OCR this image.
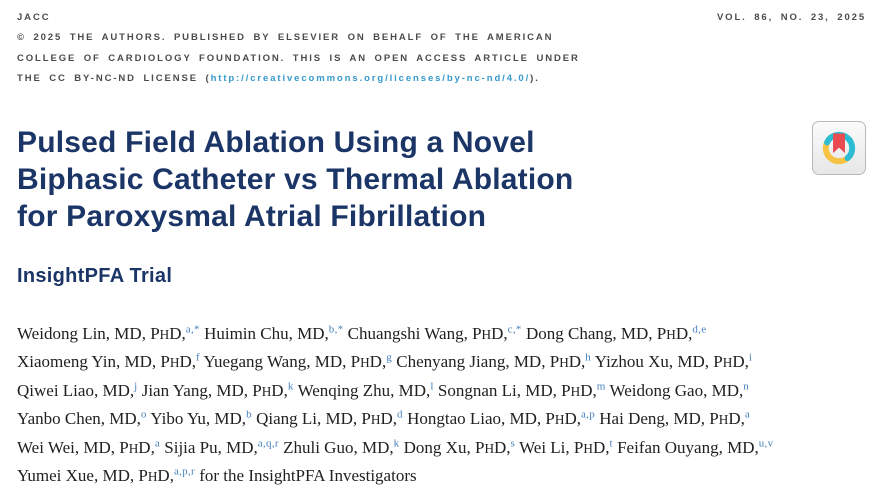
JACC	VOL. 86, NO. 23, 2025
© 2025 THE AUTHORS. PUBLISHED BY ELSEVIER ON BEHALF OF THE AMERICAN
COLLEGE OF CARDIOLOGY FOUNDATION. THIS IS AN OPEN ACCESS ARTICLE UNDER
THE CC BY-NC-ND LICENSE (http://creativecommons.org/licenses/by-nc-nd/4.0/).
Pulsed Field Ablation Using a Novel
Biphasic Catheter vs Thermal Ablation
for Paroxysmal Atrial Fibrillation
InsightPFA Trial
Weidong Lin, MD, PHD,$^{a,*}$ Huimin Chu, MD,$^{b,*}$ Chuangshi Wang, PHD,$^{c,*}$ Dong Chang, MD, PHD,$^{d,e}$
Xiaomeng Yin, MD, PHD,$^f$ Yuegang Wang, MD, PHD,$^g$ Chenyang Jiang, MD, PHD,$^h$ Yizhou Xu, MD, PHD,$^i$
Qiwei Liao, MD,$^j$ Jian Yang, MD, PHD,$^k$ Wenqing Zhu, MD,$^l$ Songnan Li, MD, PHD,$^m$ Weidong Gao, MD,$^n$
Yanbo Chen, MD,$^o$ Yibo Yu, MD,$^b$ Qiang Li, MD, PHD,$^d$ Hongtao Liao, MD, PHD,$^{a,p}$ Hai Deng, MD, PHD,$^a$
Wei Wei, MD, PHD,$^a$ Sijia Pu, MD,$^{a,q,r}$ Zhuli Guo, MD,$^k$ Dong Xu, PHD,$^s$ Wei Li, PHD,$^t$ Feifan Ouyang, MD,$^{u,v}$
Yumei Xue, MD, PHD,$^{a,p,r}$ for the InsightPFA Investigators
